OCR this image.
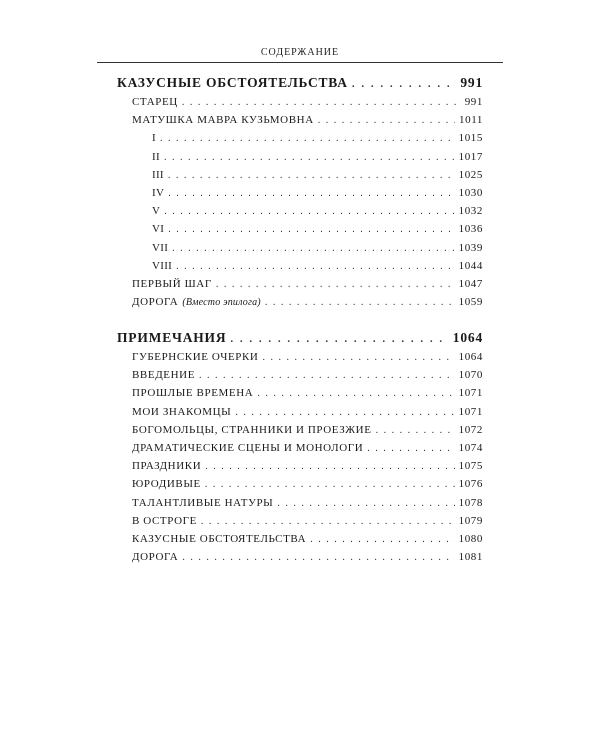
СОДЕРЖАНИЕ
КАЗУСНЫЕ ОБСТОЯТЕЛЬСТВА . . .	991
СТАРЕЦ . . .	991
МАТУШКА МАВРА КУЗЬМОВНА . . .	1011
I . . .	1015
II . . .	1017
III . . .	1025
IV . . .	1030
V . . .	1032
VI . . .	1036
VII . . .	1039
VIII . . .	1044
ПЕРВЫЙ ШАГ . . .	1047
ДОРОГА (Вместо эпилога) . . .	1059
ПРИМЕЧАНИЯ . . .	1064
ГУБЕРНСКИЕ ОЧЕРКИ . . .	1064
ВВЕДЕНИЕ . . .	1070
ПРОШЛЫЕ ВРЕМЕНА . . .	1071
МОИ ЗНАКОМЦЫ . . .	1071
БОГОМОЛЬЦЫ, СТРАННИКИ И ПРОЕЗЖИЕ . . .	1072
ДРАМАТИЧЕСКИЕ СЦЕНЫ И МОНОЛОГИ . . .	1074
ПРАЗДНИКИ . . .	1075
ЮРОДИВЫЕ . . .	1076
ТАЛАНТЛИВЫЕ НАТУРЫ . . .	1078
В ОСТРОГЕ . . .	1079
КАЗУСНЫЕ ОБСТОЯТЕЛЬСТВА . . .	1080
ДОРОГА . . .	1081
